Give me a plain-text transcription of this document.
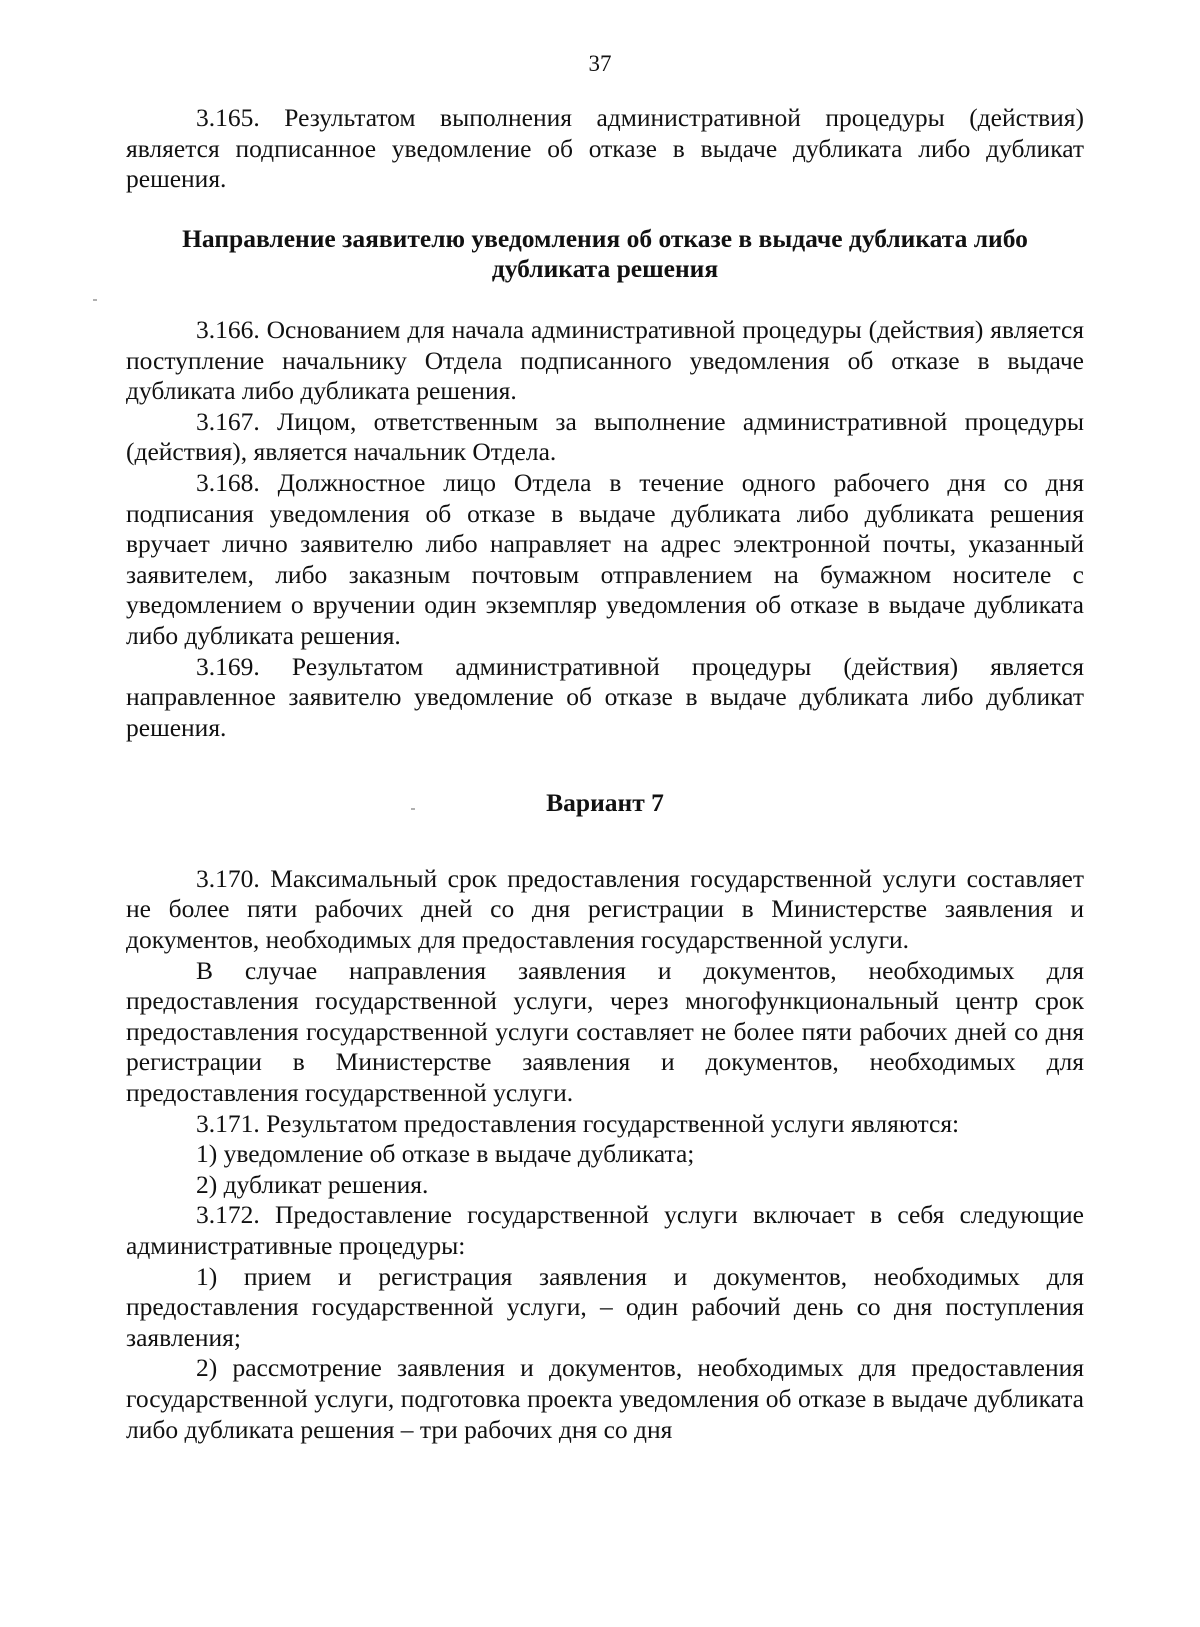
37

3.165. Результатом выполнения административной процедуры (действия) является подписанное уведомление об отказе в выдаче дубликата либо дубликат решения.

Направление заявителю уведомления об отказе в выдаче дубликата либо дубликата решения

3.166. Основанием для начала административной процедуры (действия) является поступление начальнику Отдела подписанного уведомления об отказе в выдаче дубликата либо дубликата решения.

3.167. Лицом, ответственным за выполнение административной процедуры (действия), является начальник Отдела.

3.168. Должностное лицо Отдела в течение одного рабочего дня со дня подписания уведомления об отказе в выдаче дубликата либо дубликата решения вручает лично заявителю либо направляет на адрес электронной почты, указанный заявителем, либо заказным почтовым отправлением на бумажном носителе с уведомлением о вручении один экземпляр уведомления об отказе в выдаче дубликата либо дубликата решения.

3.169. Результатом административной процедуры (действия) является направленное заявителю уведомление об отказе в выдаче дубликата либо дубликат решения.

Вариант 7

3.170. Максимальный срок предоставления государственной услуги составляет не более пяти рабочих дней со дня регистрации в Министерстве заявления и документов, необходимых для предоставления государственной услуги.

В случае направления заявления и документов, необходимых для предоставления государственной услуги, через многофункциональный центр срок предоставления государственной услуги составляет не более пяти рабочих дней со дня регистрации в Министерстве заявления и документов, необходимых для предоставления государственной услуги.

3.171. Результатом предоставления государственной услуги являются:

1) уведомление об отказе в выдаче дубликата;

2) дубликат решения.

3.172. Предоставление государственной услуги включает в себя следующие административные процедуры:

1) прием и регистрация заявления и документов, необходимых для предоставления государственной услуги, – один рабочий день со дня поступления заявления;

2) рассмотрение заявления и документов, необходимых для предоставления государственной услуги, подготовка проекта уведомления об отказе в выдаче дубликата либо дубликата решения – три рабочих дня со дня
